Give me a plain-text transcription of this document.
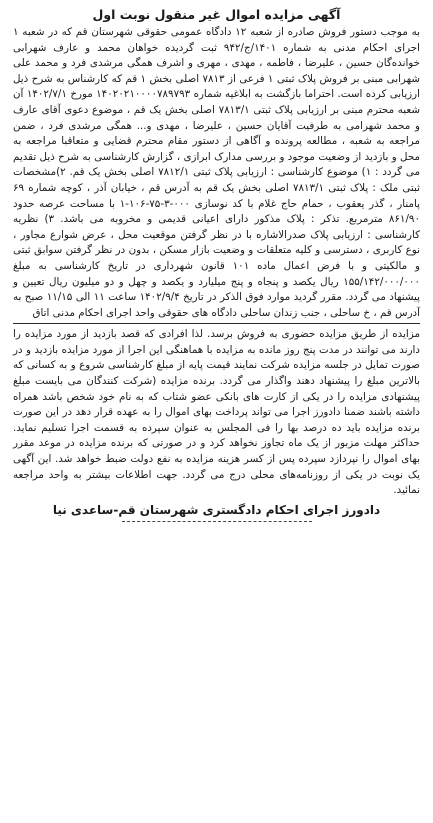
آگهی مزایده اموال غیر منقول نوبت اول

به موجب دستور فروش صادره از شعبه ۱۲ دادگاه عمومی حقوقی شهرستان قم که در شعبه ۱ اجرای احکام مدنی به شماره ۱۴۰۱/ج/۹۴۲ ثبت گردیده خواهان محمد و عارف شهرابی خوانده‌گان حسین ، علیرضا ، فاطمه ، مهدی ، مهری و اشرف همگی مرشدی فرد و محمد علی شهرابی مبنی بر فروش پلاک ثبتی ۱ فرعی از ۷۸۱۳ اصلی بخش ۱ قم که کارشناس به شرح ذیل ارزیابی کرده است. احتراما بازگشت به ابلاغیه شماره ۱۴۰۲۰۲۱۰۰۰۰۷۸۹۷۹۳ مورخ ۱۴۰۲/۷/۱ آن شعبه محترم مبنی بر ارزیابی پلاک ثبتی ۷۸۱۳/۱ اصلی بخش یک قم ، موضوع دعوی آقای عارف و محمد شهرامی به طرفیت آقایان حسین ، علیرضا ، مهدی و... همگی مرشدی فرد ، ضمن مراجعه به شعبه ، مطالعه پرونده و آگاهی از دستور مقام محترم قضایی و متعاقبا مراجعه به محل و بازدید از وضعیت موجود و بررسی مدارک ابرازی ، گزارش کارشناسی به شرح ذیل تقدیم می گردد : ۱) موضوع کارشناسی : ارزیابی پلاک ثبتی ۷۸۱۲/۱ اصلی بخش یک قم. ۲)مشخصات ثبتی ملک : پلاک ثبتی ۷۸۱۳/۱ اصلی بخش یک قم به آدرس قم ، خیابان آذر ، کوچه شماره ۶۹ پامنار ، گذر یعقوب ، حمام حاج غلام با کد نوسازی ۰۰۰-۳-۷۵-۱۰۶-۱ با مساحت عرصه حدود ۸۶۱/۹۰ مترمربع. تذکر : پلاک مذکور دارای اعیانی قدیمی و مخروبه می باشد. ۳) نظریه کارشناسی : ارزیابی پلاک صدرالاشاره با در نظر گرفتن موقعیت محل ، عرض شوارع مجاور ، نوع کاربری ، دسترسی و کلیه متعلقات و وضعیت بازار مسکن ، بدون در نظر گرفتن سوابق ثبتی و مالکیتی و با فرض اعمال ماده ۱۰۱ قانون شهرداری در تاریخ کارشناسی به مبلغ ۱۵۵/۱۴۲/۰۰۰/۰۰۰ ریال یکصد و پنجاه و پنج میلیارد و یکصد و چهل و دو میلیون ریال تعیین و پیشنهاد می گردد. مقرر گردید موارد فوق الذکر در تاریخ ۱۴۰۲/۹/۴ ساعت ۱۱ الی ۱۱/۱۵ صبح به آدرس قم ، خ ساحلی ، جنب زندان ساحلی دادگاه های حقوقی واحد اجرای احکام مدنی اتاق

مزایده از طریق مزایده حضوری به فروش برسد. لذا افرادی که قصد بازدید از مورد مزایده را دارند می توانند در مدت پنج روز مانده به مزایده با هماهنگی این اجرا از مورد مزایده بازدید و در صورت تمایل در جلسه مزایده شرکت نمایند قیمت پایه از مبلغ کارشناسی شروع و به کسانی که بالاترین مبلغ را پیشنهاد دهند واگذار می گردد. برنده مزایده (شرکت کنندگان می بایست مبلغ پیشنهادی مزایده را در یکی از کارت های بانکی عضو شتاب که به نام خود شخص باشد همراه داشته باشند ضمنا دادورز اجرا می تواند پرداخت بهای اموال را به عهده قرار دهد در این صورت برنده مزایده باید ده درصد بها را فی المجلس به عنوان سپرده به قسمت اجرا تسلیم نماید. حداکثر مهلت مزبور از یک ماه تجاوز نخواهد کرد و در صورتی که برنده مزایده در موعد مقرر بهای اموال را نپردازد سپرده پس از کسر هزینه مزایده به نفع دولت ضبط خواهد شد. این آگهی یک نوبت در یکی از روزنامه‌های محلی درج می گردد. جهت اطلاعات بیشتر به واحد مراجعه نمائید.

دادورز اجرای احکام دادگستری شهرستان قم-ساعدی نیا
